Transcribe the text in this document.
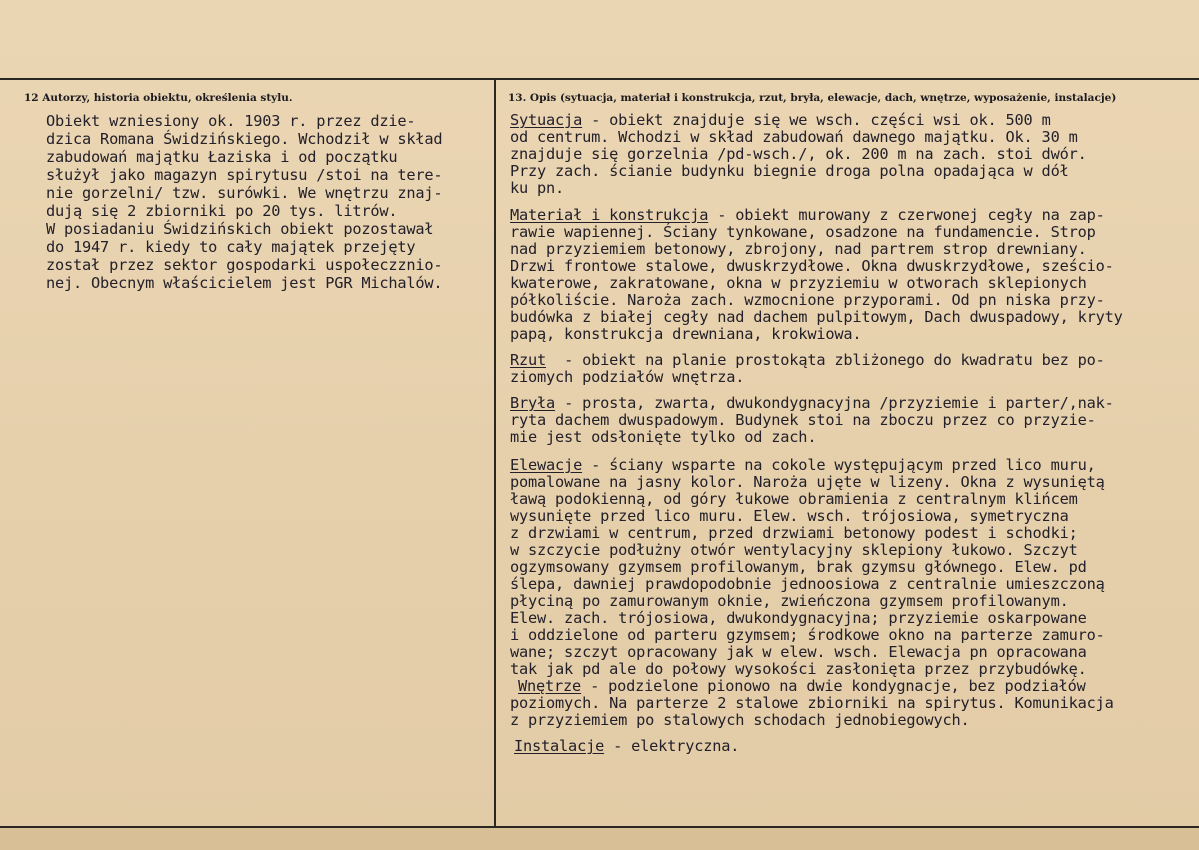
12 Autorzy, historia obiektu, określenia stylu.	13. Opis (sytuacja, materiał i konstrukcja, rzut, bryła, elewacje, dach, wnętrze, wyposażenie, instalacje)
Obiekt wzniesiony ok. 1903 r. przez dzie-
dzica Romana Świdzińskiego. Wchodził w skład
zabudowań majątku Łaziska i od początku
służył jako magazyn spirytusu /stoi na tere-
nie gorzelni/ tzw. surówki. We wnętrzu znaj-
dują się 2 zbiorniki po 20 tys. litrów.
W posiadaniu Świdzińskich obiekt pozostawał
do 1947 r. kiedy to cały majątek przejęty
został przez sektor gospodarki uspołeczznio-
nej. Obecnym właścicielem jest PGR Michalów.
Sytuacja - obiekt znajduje się we wsch. części wsi ok. 500 m
od centrum. Wchodzi w skład zabudowań dawnego majątku. Ok. 30 m
znajduje się gorzelnia /pd-wsch./, ok. 200 m na zach. stoi dwór.
Przy zach. ścianie budynku biegnie droga polna opadająca w dół
ku pn.
Materiał i konstrukcja - obiekt murowany z czerwonej cegły na zap-
rawie wapiennej. Ściany tynkowane, osadzone na fundamencie. Strop
nad przyziemiem betonowy, zbrojony, nad partrem strop drewniany.
Drzwi frontowe stalowe, dwuskrzydłowe. Okna dwuskrzydłowe, sześcio-
kwaterowe, zakratowane, okna w przyziemiu w otworach sklepionych
półkoliście. Naroża zach. wzmocnione przyporami. Od pn niska przy-
budówka z białej cegły nad dachem pulpitowym, Dach dwuspadowy, kryty
papą, konstrukcja drewniana, krokwiowa.
Rzut  - obiekt na planie prostokąta zbliżonego do kwadratu bez po-
ziomych podziałów wnętrza.
Bryła - prosta, zwarta, dwukondygnacyjna /przyziemie i parter/,nak-
ryta dachem dwuspadowym. Budynek stoi na zboczu przez co przyzie-
mie jest odsłonięte tylko od zach.
Elewacje - ściany wsparte na cokole występującym przed lico muru,
pomalowane na jasny kolor. Naroża ujęte w lizeny. Okna z wysuniętą
ławą podokienną, od góry łukowe obramienia z centralnym klińcem
wysunięte przed lico muru. Elew. wsch. trójosiowa, symetryczna
z drzwiami w centrum, przed drzwiami betonowy podest i schodki;
w szczycie podłużny otwór wentylacyjny sklepiony łukowo. Szczyt
ogzymsowany gzymsem profilowanym, brak gzymsu głównego. Elew. pd
ślepa, dawniej prawdopodobnie jednoosiowa z centralnie umieszczoną
płyciną po zamurowanym oknie, zwieńczona gzymsem profilowanym.
Elew. zach. trójosiowa, dwukondygnacyjna; przyziemie oskarpowane
i oddzielone od parteru gzymsem; środkowe okno na parterze zamuro-
wane; szczyt opracowany jak w elew. wsch. Elewacja pn opracowana
tak jak pd ale do połowy wysokości zasłonięta przez przybudówkę.
Wnętrze - podzielone pionowo na dwie kondygnacje, bez podziałów
poziomych. Na parterze 2 stalowe zbiorniki na spirytus. Komunikacja
z przyziemiem po stalowych schodach jednobiegowych.
Instalacje - elektryczna.
